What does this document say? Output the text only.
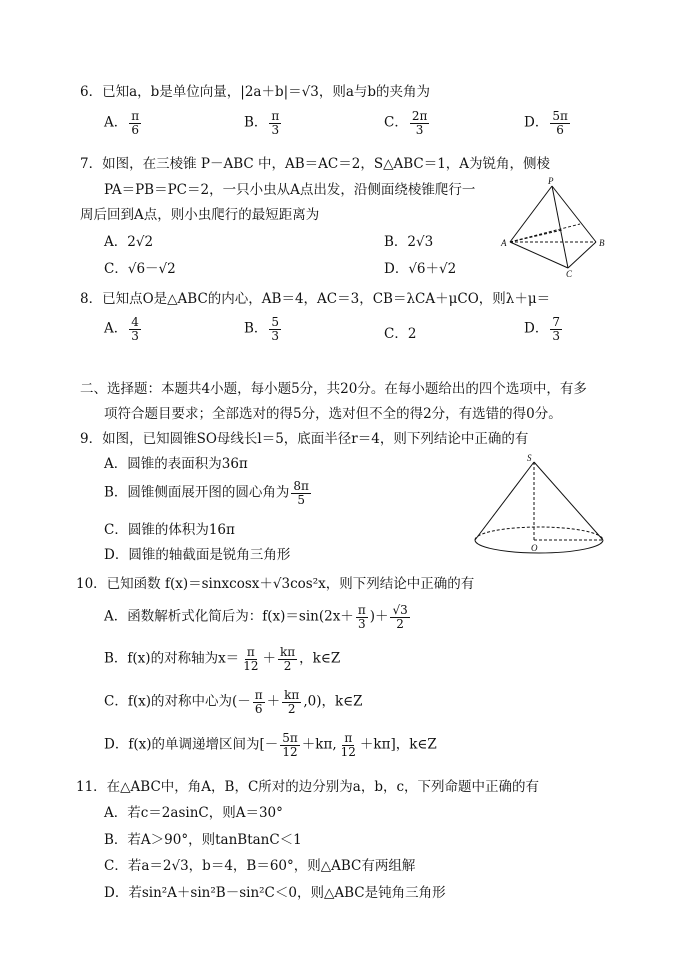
6．已知a，b是单位向量，|2a＋b|＝√3，则a与b的夹角为
A． $\frac{\pi}{6}$	B． $\frac{\pi}{3}$	C． $\frac{2\pi}{3}$	D． $\frac{5\pi}{6}$
7．如图，在三棱锥 P－ABC 中，AB＝AC＝2，S△ABC＝1，A为锐角，侧棱
PA＝PB＝PC＝2，一只小虫从A点出发，沿侧面绕棱锥爬行一
周后回到A点，则小虫爬行的最短距离为
A．2√2	B．2√3
C．√6－√2	D．√6＋√2
P
A	B
C
8．已知点O是△ABC的内心，AB＝4，AC＝3，CB＝λCA＋μCO，则λ＋μ＝
A． $\frac{4}{3}$	B． $\frac{5}{3}$	C．2	D． $\frac{7}{3}$
二、选择题：本题共4小题，每小题5分，共20分。在每小题给出的四个选项中，有多
项符合题目要求；全部选对的得5分，选对但不全的得2分，有选错的得0分。
9．如图，已知圆锥SO母线长l＝5，底面半径r＝4，则下列结论中正确的有
A．圆锥的表面积为36π
B．圆锥侧面展开图的圆心角为 $\frac{8\pi}{5}$
C．圆锥的体积为16π
D．圆锥的轴截面是锐角三角形
S
O
10．已知函数 f(x)＝sinxcosx＋√3cos²x，则下列结论中正确的有
A．函数解析式化简后为：$f(x)=\sin(2x+ \frac{\pi}{3}$ )＋ $\frac{√3}{2}$
B．f(x)的对称轴为$x= \frac{\pi}{12} + \frac{k\pi}{2}$ ，k∈Z
C．f(x)的对称中心为(－ $\frac{\pi}{6} + \frac{k\pi}{2} ,0$)，k∈Z
D．f(x)的单调递增区间为[－ $\frac{5\pi}{12} +k\pi$, $\frac{\pi}{12} +k\pi$]，k∈Z
11．在△ABC中，角A，B，C所对的边分别为a，b，c，下列命题中正确的有
A．若c＝2asinC，则A＝30°
B．若A＞90°，则tanBtanC＜1
C．若a＝2√3，b＝4，B＝60°，则△ABC有两组解
D．若sin²A＋sin²B－sin²C＜0，则△ABC是钝角三角形
